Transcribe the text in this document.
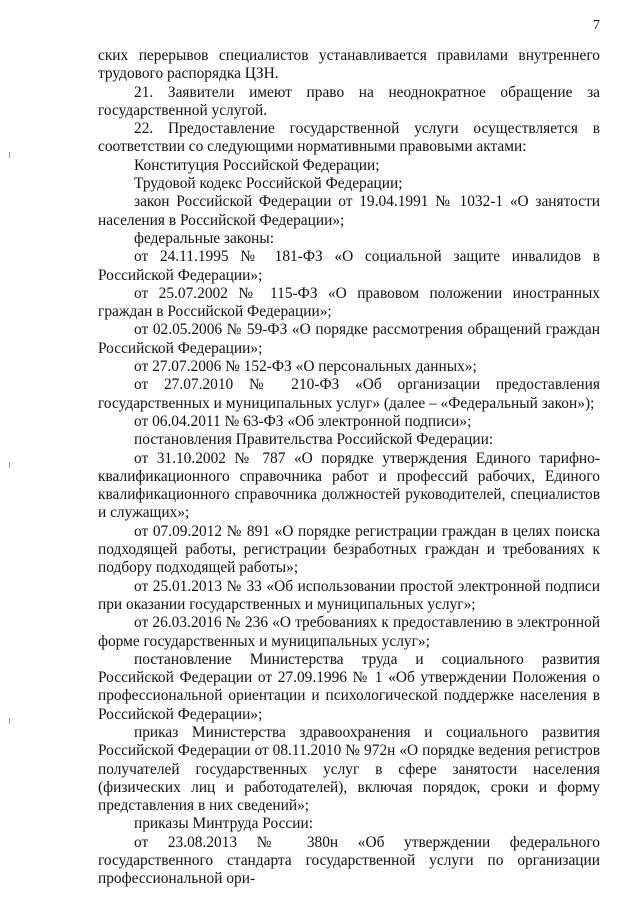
7

ских перерывов специалистов устанавливается правилами внутреннего трудового распорядка ЦЗН.

21. Заявители имеют право на неоднократное обращение за государственной услугой.

22. Предоставление государственной услуги осуществляется в соответствии со следующими нормативными правовыми актами:

Конституция Российской Федерации;

Трудовой кодекс Российской Федерации;

закон Российской Федерации от 19.04.1991 № 1032-1 «О занятости населения в Российской Федерации»;

федеральные законы:

от 24.11.1995 № 181-ФЗ «О социальной защите инвалидов в Российской Федерации»;

от 25.07.2002 № 115-ФЗ «О правовом положении иностранных граждан в Российской Федерации»;

от 02.05.2006 № 59-ФЗ «О порядке рассмотрения обращений граждан Российской Федерации»;

от 27.07.2006 № 152-ФЗ «О персональных данных»;

от 27.07.2010 № 210-ФЗ «Об организации предоставления государственных и муниципальных услуг» (далее – «Федеральный закон»);

от 06.04.2011 № 63-ФЗ «Об электронной подписи»;

постановления Правительства Российской Федерации:

от 31.10.2002 № 787 «О порядке утверждения Единого тарифно-квалификационного справочника работ и профессий рабочих, Единого квалификационного справочника должностей руководителей, специалистов и служащих»;

от 07.09.2012 № 891 «О порядке регистрации граждан в целях поиска подходящей работы, регистрации безработных граждан и требованиях к подбору подходящей работы»;

от 25.01.2013 № 33 «Об использовании простой электронной подписи при оказании государственных и муниципальных услуг»;

от 26.03.2016 № 236 «О требованиях к предоставлению в электронной форме государственных и муниципальных услуг»;

постановление Министерства труда и социального развития Российской Федерации от 27.09.1996 № 1 «Об утверждении Положения о профессиональной ориентации и психологической поддержке населения в Российской Федерации»;

приказ Министерства здравоохранения и социального развития Российской Федерации от 08.11.2010 № 972н «О порядке ведения регистров получателей государственных услуг в сфере занятости населения (физических лиц и работодателей), включая порядок, сроки и форму представления в них сведений»;

приказы Минтруда России:

от 23.08.2013 № 380н «Об утверждении федерального государственного стандарта государственной услуги по организации профессиональной ори-
